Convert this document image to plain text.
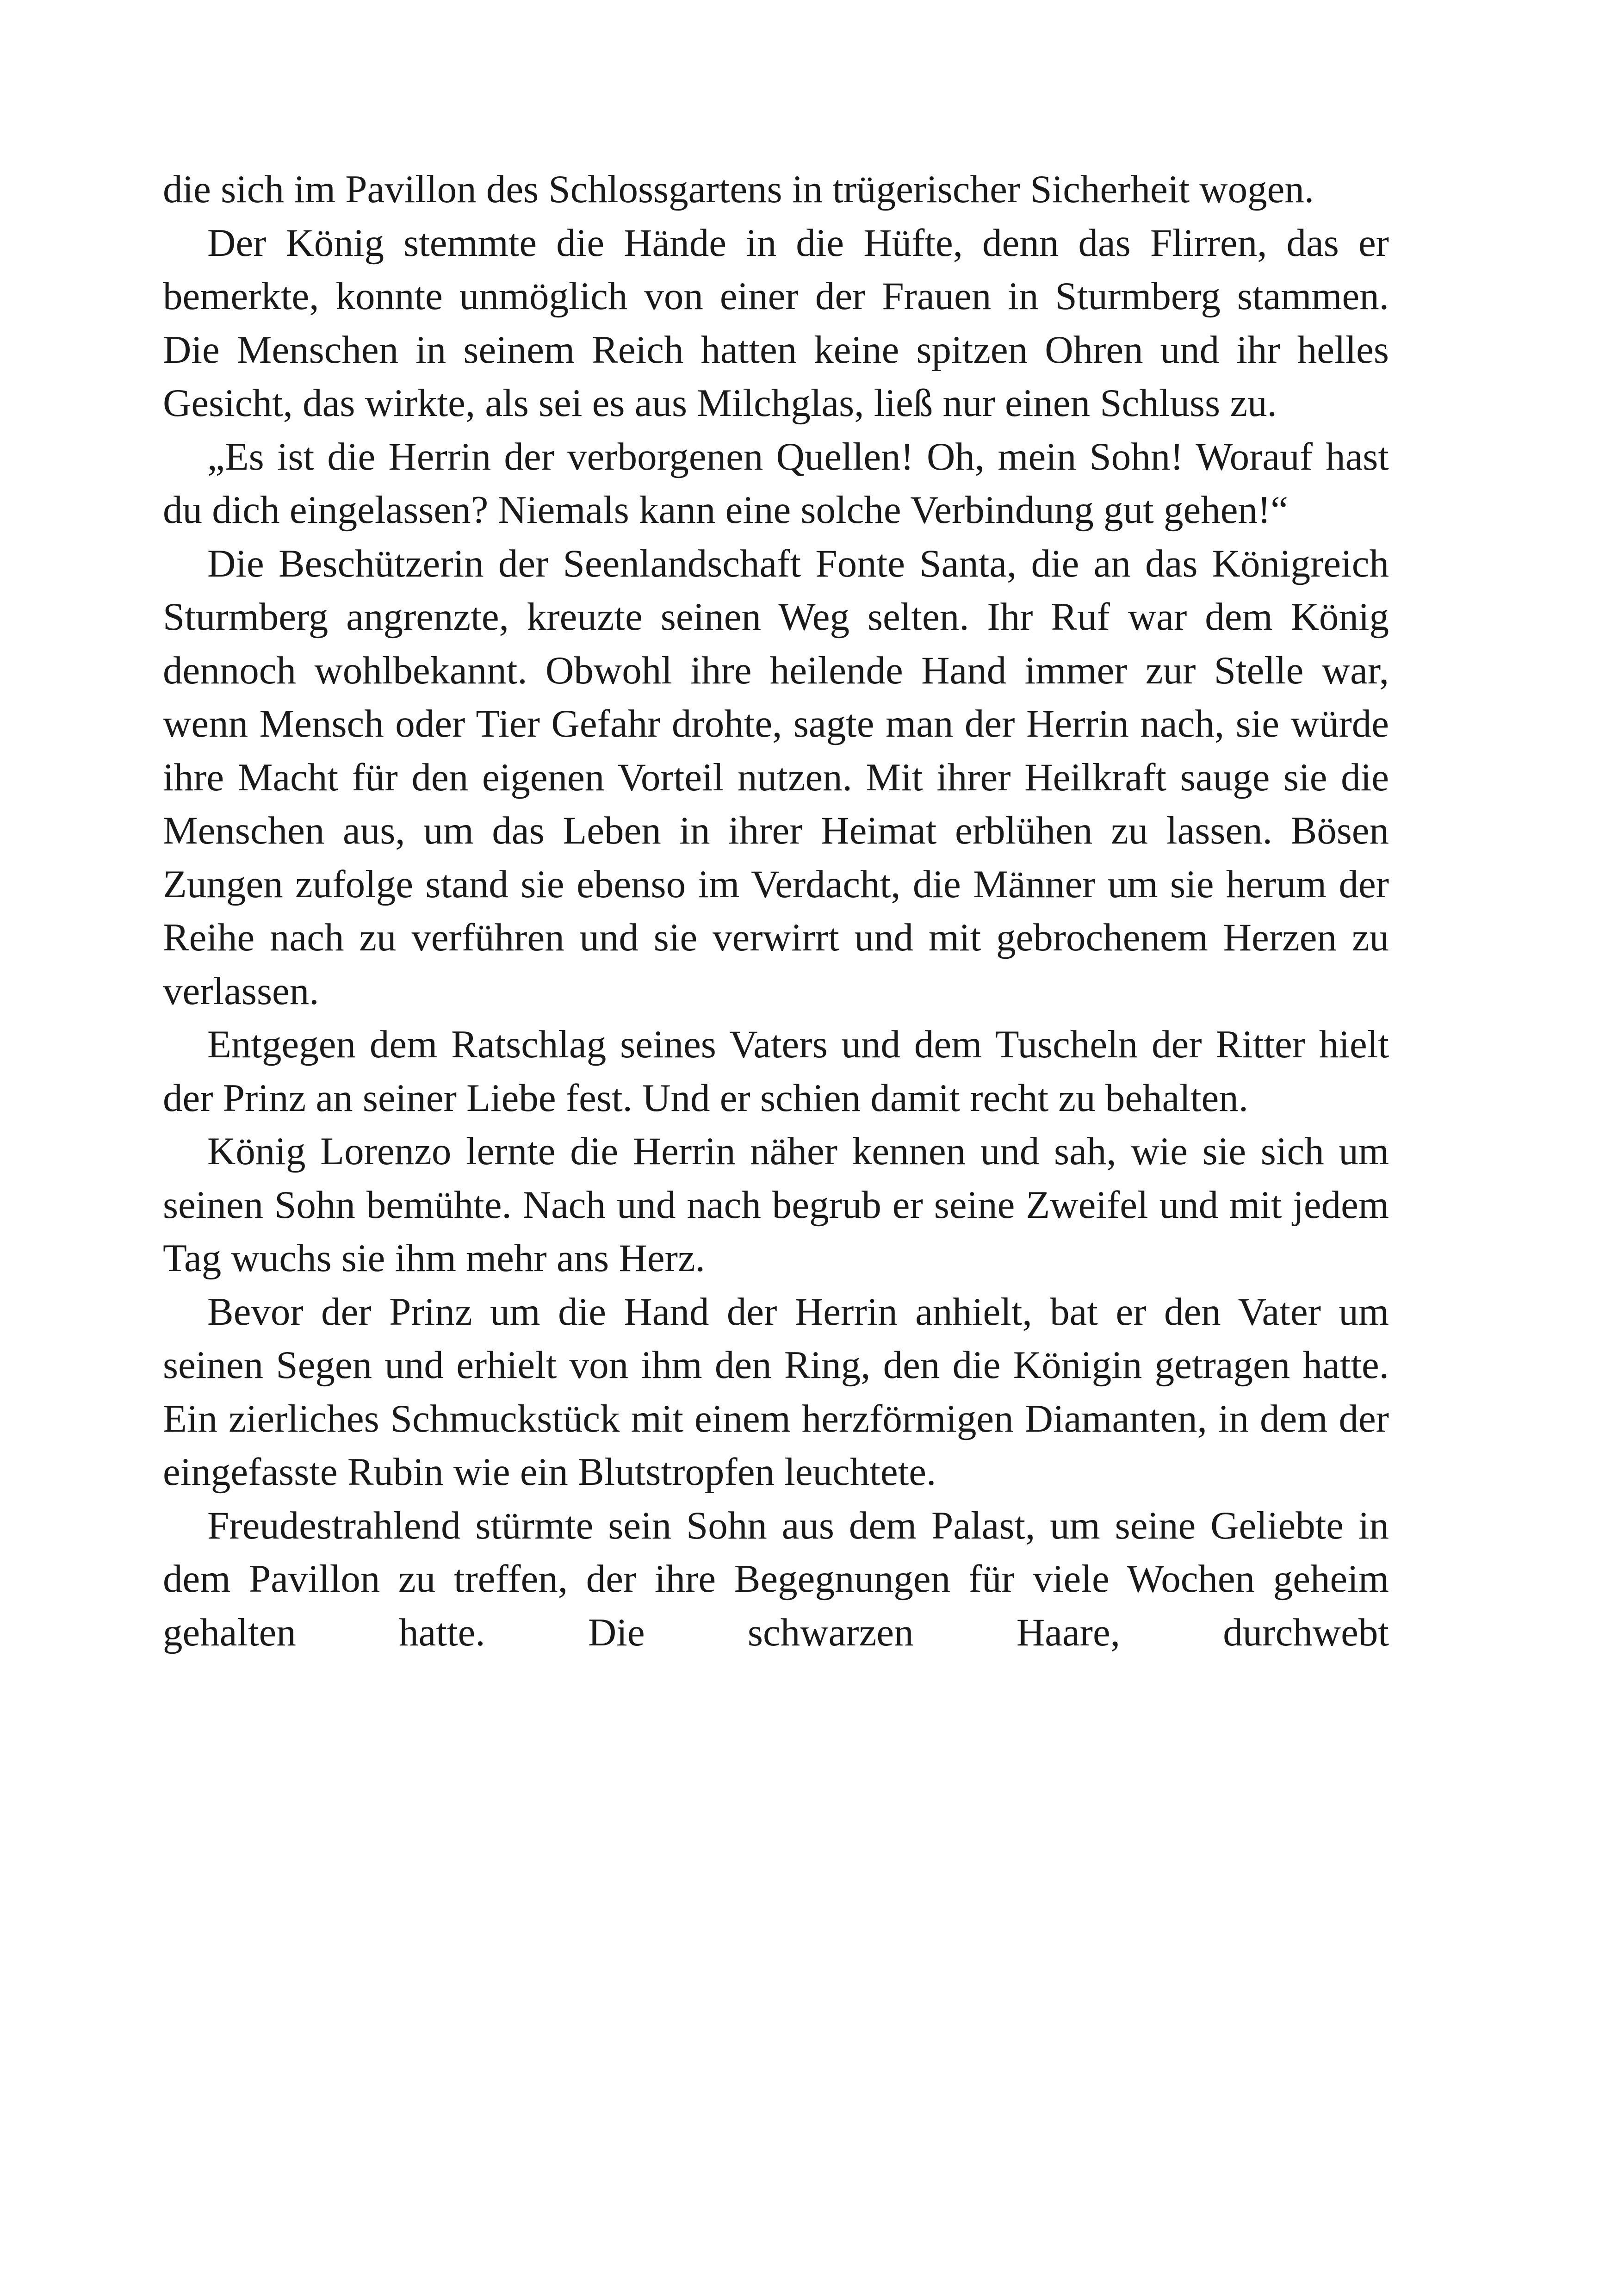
die sich im Pavillon des Schlossgartens in trügerischer Sicherheit wogen.

Der König stemmte die Hände in die Hüfte, denn das Flirren, das er bemerkte, konnte unmöglich von einer der Frauen in Sturmberg stammen. Die Menschen in seinem Reich hatten keine spitzen Ohren und ihr helles Gesicht, das wirkte, als sei es aus Milchglas, ließ nur einen Schluss zu.

„Es ist die Herrin der verborgenen Quellen! Oh, mein Sohn! Worauf hast du dich eingelassen? Niemals kann eine solche Verbindung gut gehen!“

Die Beschützerin der Seenlandschaft Fonte Santa, die an das Königreich Sturmberg angrenzte, kreuzte seinen Weg selten. Ihr Ruf war dem König dennoch wohlbekannt. Obwohl ihre heilende Hand immer zur Stelle war, wenn Mensch oder Tier Gefahr drohte, sagte man der Herrin nach, sie würde ihre Macht für den eigenen Vorteil nutzen. Mit ihrer Heilkraft sauge sie die Menschen aus, um das Leben in ihrer Heimat erblühen zu lassen. Bösen Zungen zufolge stand sie ebenso im Verdacht, die Männer um sie herum der Reihe nach zu verführen und sie verwirrt und mit gebrochenem Herzen zu verlassen.

Entgegen dem Ratschlag seines Vaters und dem Tuscheln der Ritter hielt der Prinz an seiner Liebe fest. Und er schien damit recht zu behalten.

König Lorenzo lernte die Herrin näher kennen und sah, wie sie sich um seinen Sohn bemühte. Nach und nach begrub er seine Zweifel und mit jedem Tag wuchs sie ihm mehr ans Herz.

Bevor der Prinz um die Hand der Herrin anhielt, bat er den Vater um seinen Segen und erhielt von ihm den Ring, den die Königin getragen hatte. Ein zierliches Schmuckstück mit einem herzförmigen Diamanten, in dem der eingefasste Rubin wie ein Blutstropfen leuchtete.

Freudestrahlend stürmte sein Sohn aus dem Palast, um seine Geliebte in dem Pavillon zu treffen, der ihre Begegnungen für viele Wochen geheim gehalten hatte. Die schwarzen Haare, durchwebt
